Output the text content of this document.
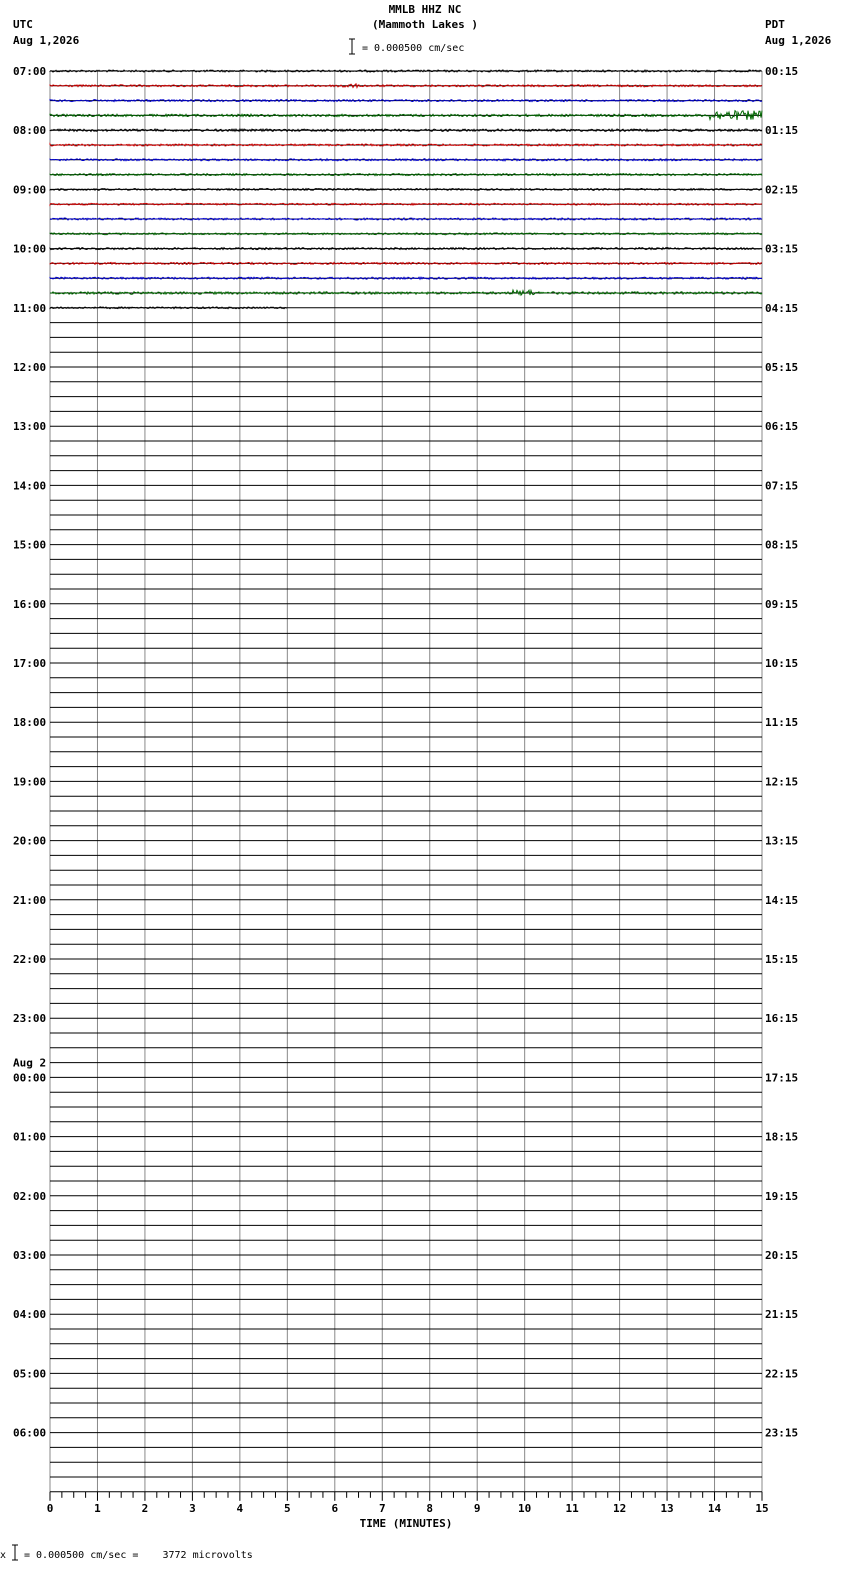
MMLB HHZ NC
(Mammoth Lakes )
UTC
Aug 1,2026
PDT
Aug 1,2026
= 0.000500 cm/sec
07:00
08:00
09:00
10:00
11:00
12:00
13:00
14:00
15:00
16:00
17:00
18:00
19:00
20:00
21:00
22:00
23:00
00:00
01:00
02:00
03:00
04:00
05:00
06:00
00:15
01:15
02:15
03:15
04:15
05:15
06:15
07:15
08:15
09:15
10:15
11:15
12:15
13:15
14:15
15:15
16:15
17:15
18:15
19:15
20:15
21:15
22:15
23:15
Aug 2
0	1	2	3	4	5	6	7	8	9	10	11	12	13	14	15
TIME (MINUTES)
x = 0.000500 cm/sec =    3772 microvolts
